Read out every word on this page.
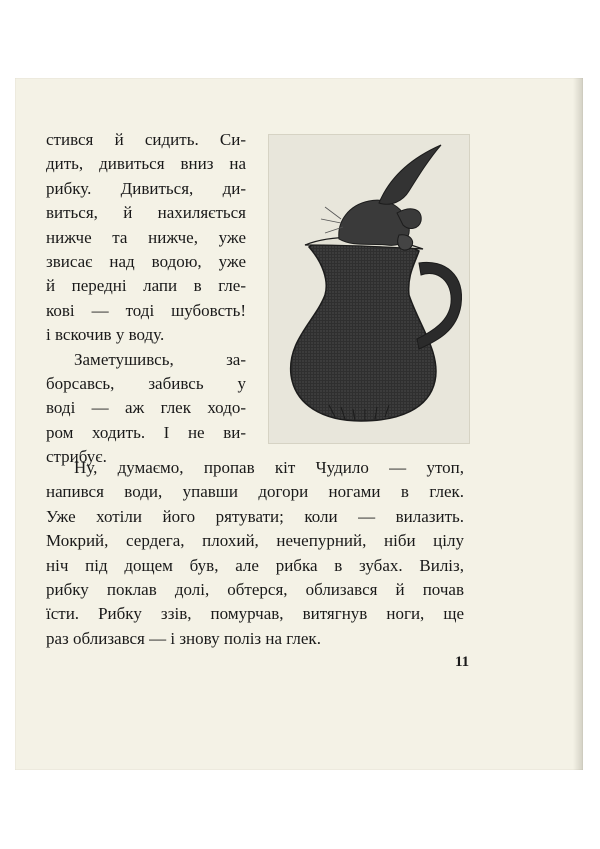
стився й сидить. Си-
дить, дивиться вниз на
рибку. Дивиться, ди-
виться, й нахиляється
нижче та нижче, уже
звисає над водою, уже
й передні лапи в гле-
кові — тоді шубовсть!
і вскочив у воду.
Заметушивсь, за-
борсавсь, забивсь у
воді — аж глек ходо-
ром ходить. І не ви-
стрибує.
Ну, думаємо, пропав кіт Чудило — утоп,
напився води, упавши догори ногами в глек.
Уже хотіли його рятувати; коли — вилазить.
Мокрий, сердега, плохий, нечепурний, ніби цілу
ніч під дощем був, але рибка в зубах. Виліз,
рибку поклав долі, обтерся, облизався й почав
їсти. Рибку ззів, помурчав, витягнув ноги, ще
раз облизався — і знову поліз на глек.
11
